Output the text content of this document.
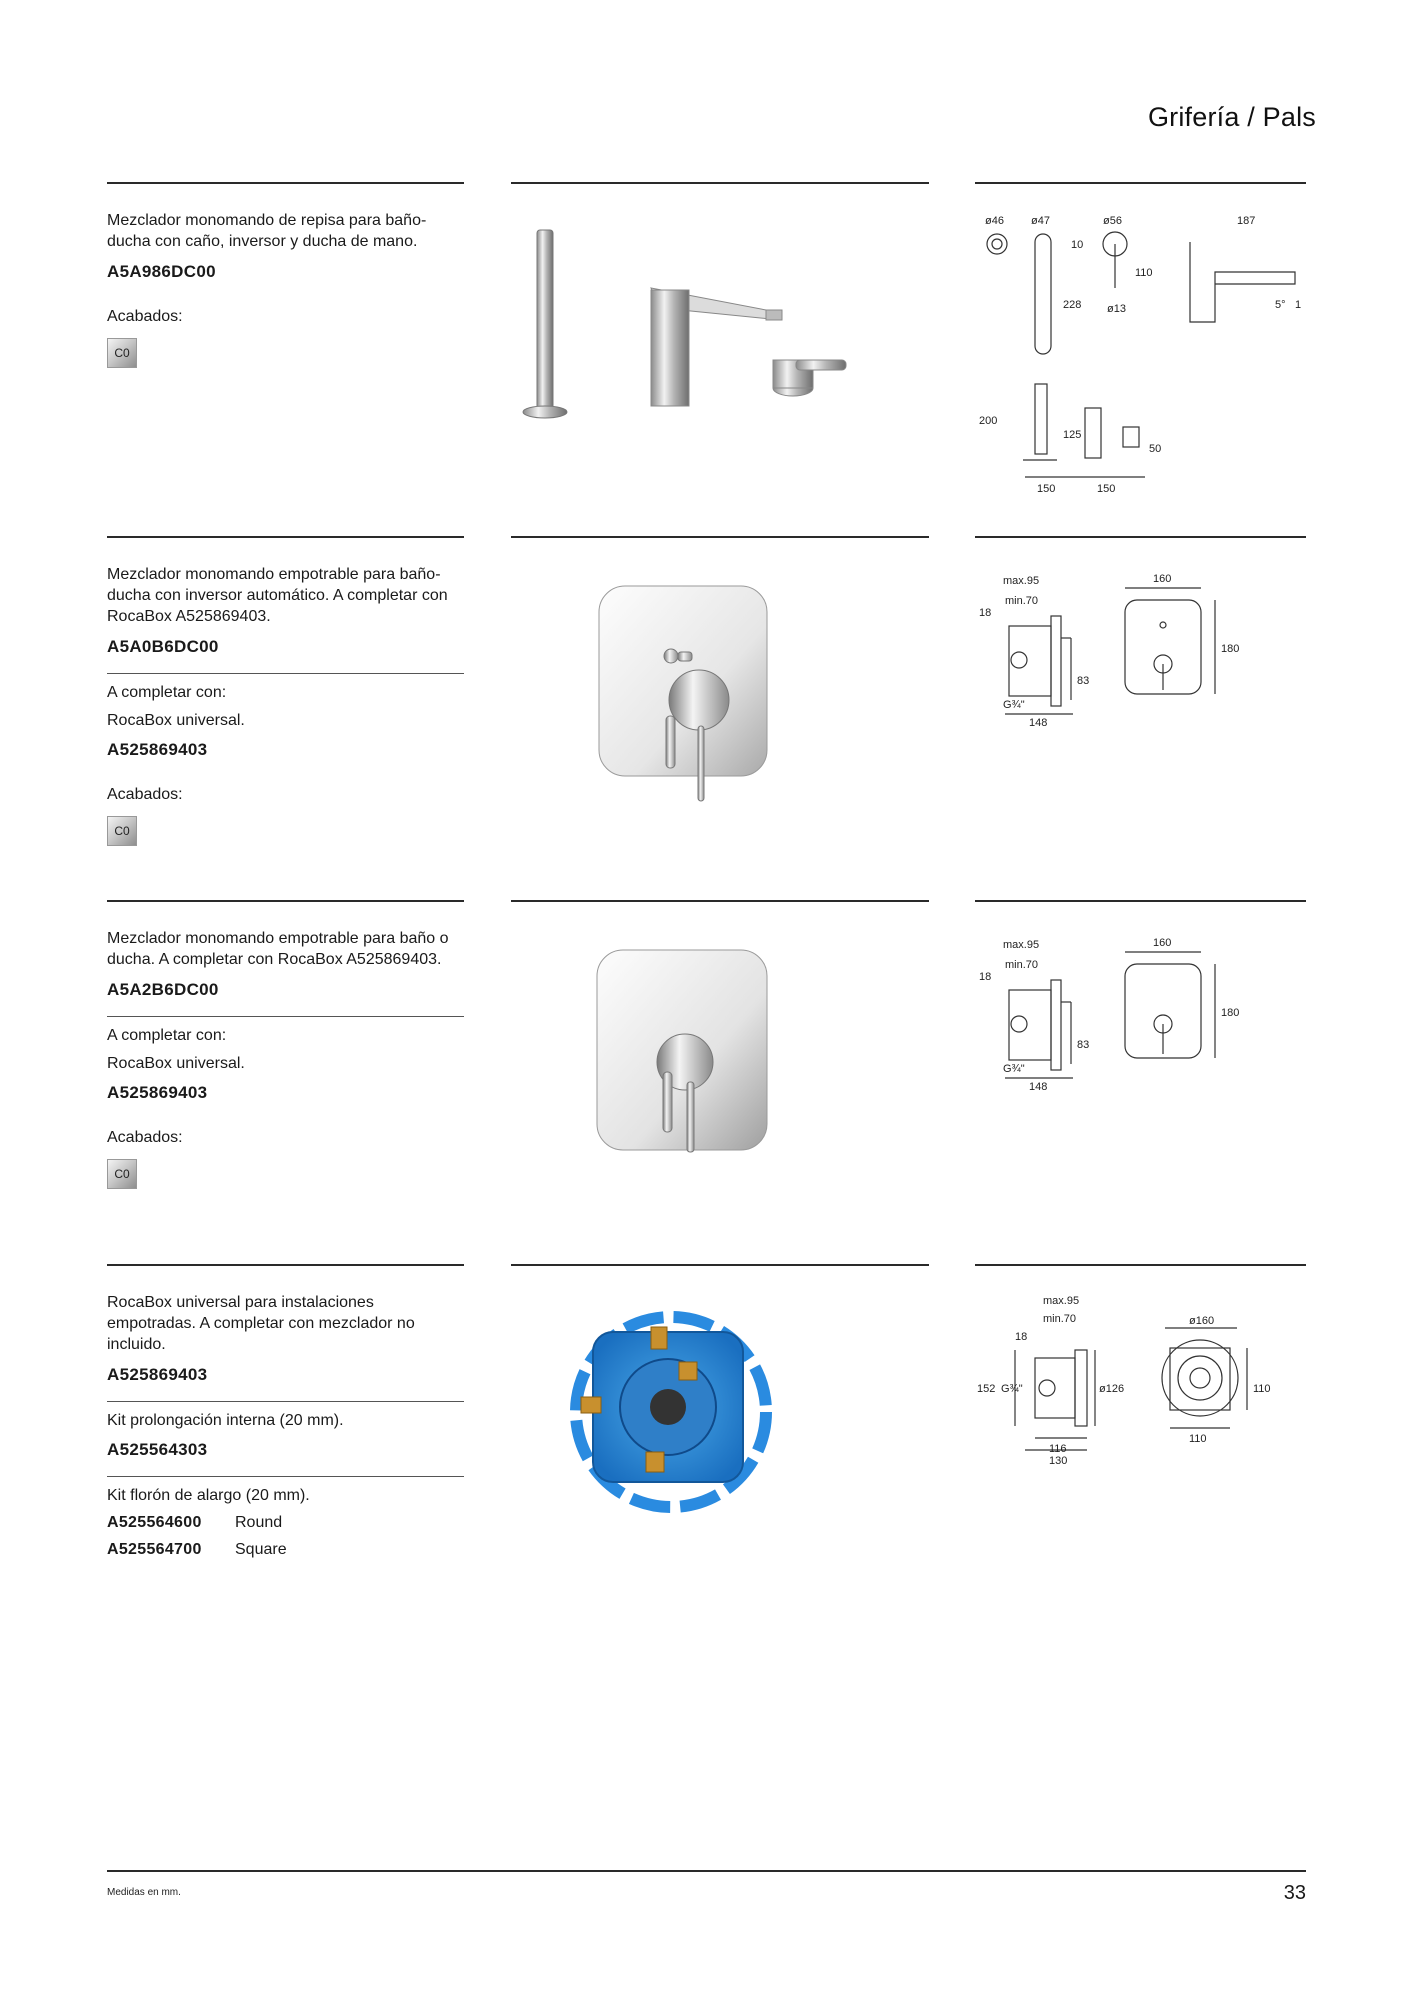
Grifería / Pals

Mezclador monomando de repisa para baño-ducha con caño, inversor y ducha de mano.

A5A986DC00

Acabados:

C0
ø46 ø47	ø56
10
110
228 ø13
187
5° 1
200
125
50
150	150

Mezclador monomando empotrable para baño-ducha con inversor automático. A completar con RocaBox A525869403.

A5A0B6DC00

A completar con:

RocaBox universal.

A525869403

Acabados:

C0
max.95
min.70
18
83
G¾"
148
160
180

Mezclador monomando empotrable para baño o ducha. A completar con RocaBox A525869403.

A5A2B6DC00

A completar con:

RocaBox universal.

A525869403

Acabados:

C0
max.95
min.70
18
83
G¾"
148
160
180

RocaBox universal para instalaciones empotradas. A completar con mezclador no incluido.

A525869403

Kit prolongación interna (20 mm).

A525564303

Kit florón de alargo (20 mm).

A525564600	Round
A525564700	Square
max.95
min.70
18
152 G¾"	ø126
116
130
ø160
110
110
Medidas en mm.	33
